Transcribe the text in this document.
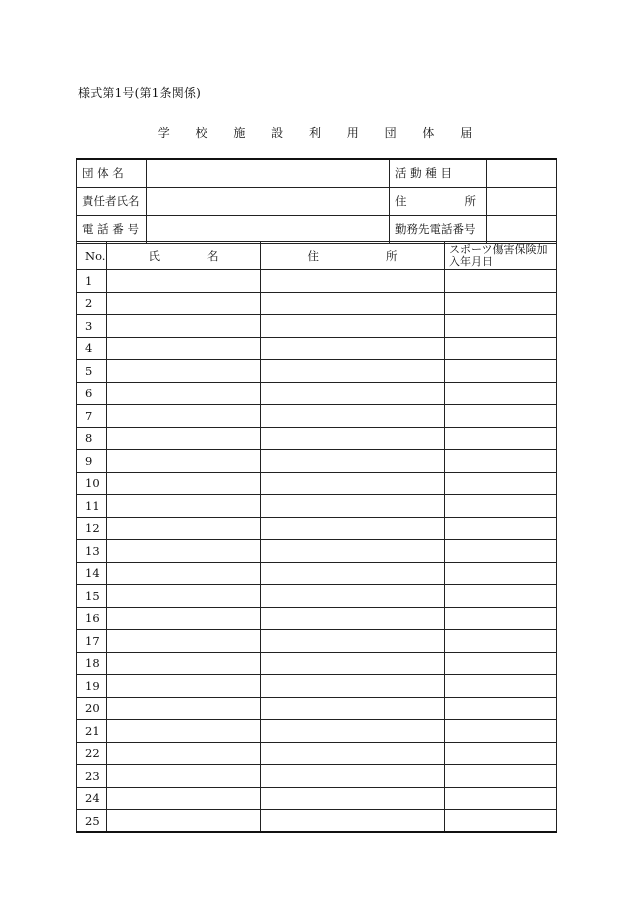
様式第1号(第1条関係)
学 校 施 設 利 用 団 体 届
団 体 名		活 動 種 目	
責任者氏名		住 所	

電 話 番 号		勤務先電話番号	
No.	氏 名	住 所	スポーツ傷害保険加入年月日
1			
2			
3			
4			
5			
6			
7			
8			
9			
10			
11			
12			
13			
14			
15			
16			
17			
18			
19			
20			
21			
22			
23			
24			
25			
